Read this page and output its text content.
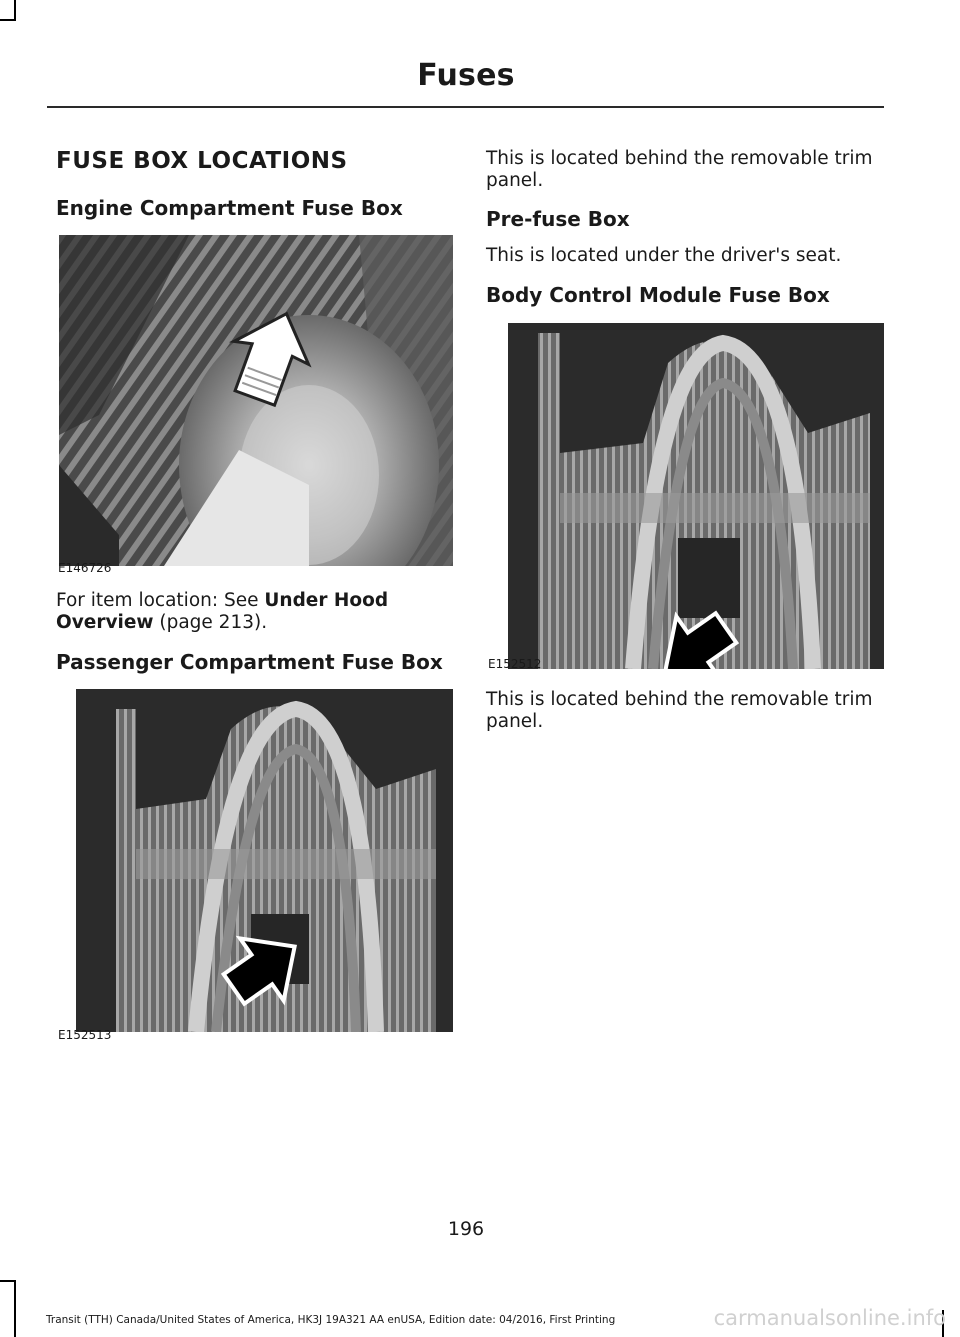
Fuses
FUSE BOX LOCATIONS
Engine Compartment Fuse Box
E146726
For item location: See Under Hood Overview (page 213).
Passenger Compartment Fuse Box
E152513
This is located behind the removable trim panel.
Pre-fuse Box
This is located under the driver's seat.
Body Control Module Fuse Box
E152512
This is located behind the removable trim panel.
196
Transit (TTH) Canada/United States of America, HK3J 19A321 AA enUSA, Edition date: 04/2016, First Printing	carmanualsonline.info
